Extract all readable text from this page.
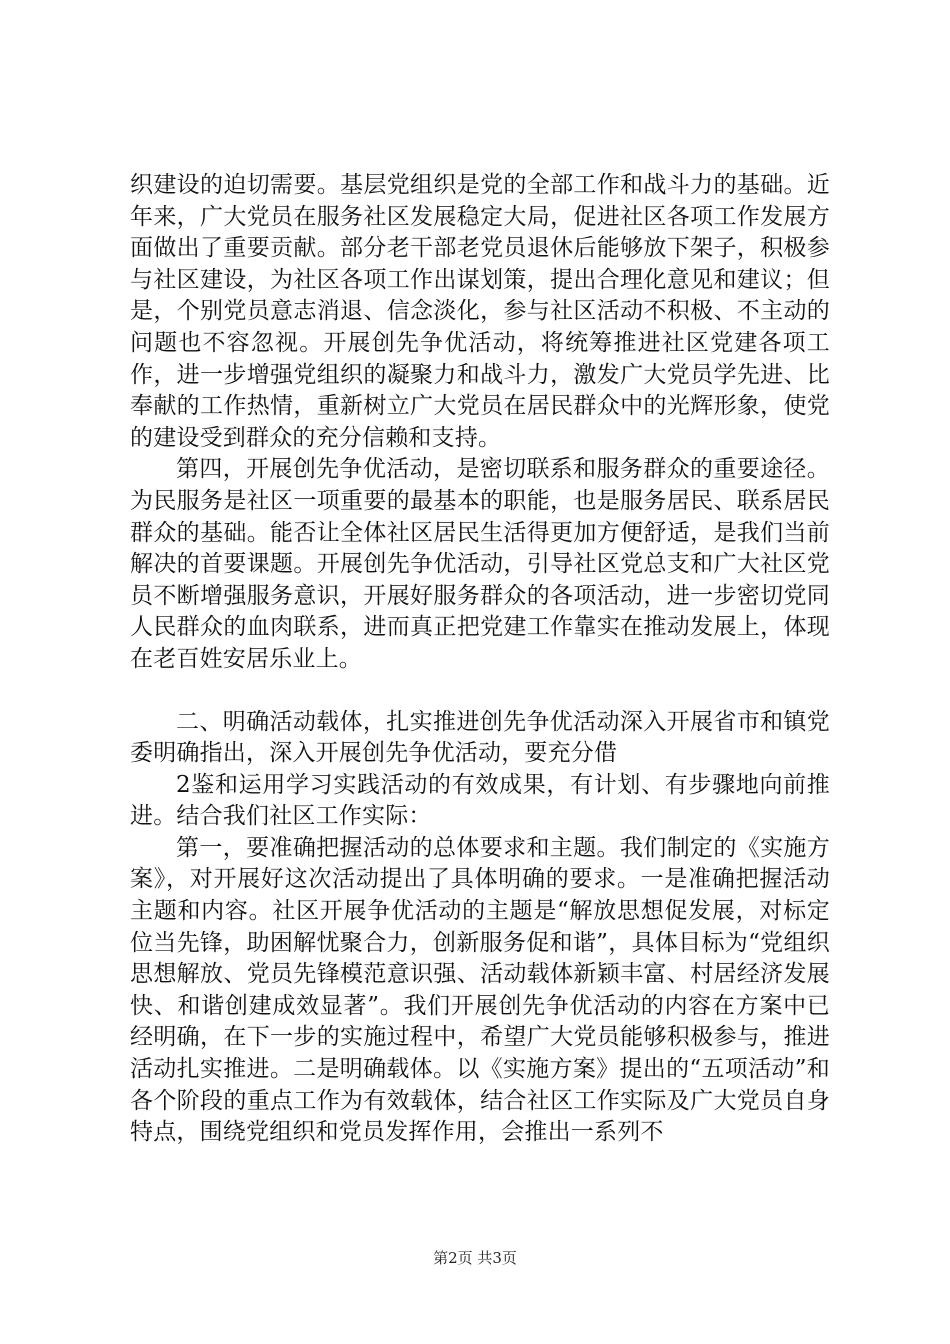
织建设的迫切需要。基层党组织是党的全部工作和战斗力的基础。近年来，广大党员在服务社区发展稳定大局，促进社区各项工作发展方面做出了重要贡献。部分老干部老党员退休后能够放下架子，积极参与社区建设，为社区各项工作出谋划策，提出合理化意见和建议；但是，个别党员意志消退、信念淡化，参与社区活动不积极、不主动的问题也不容忽视。开展创先争优活动，将统筹推进社区党建各项工作，进一步增强党组织的凝聚力和战斗力，激发广大党员学先进、比奉献的工作热情，重新树立广大党员在居民群众中的光辉形象，使党的建设受到群众的充分信赖和支持。

第四，开展创先争优活动，是密切联系和服务群众的重要途径。为民服务是社区一项重要的最基本的职能，也是服务居民、联系居民群众的基础。能否让全体社区居民生活得更加方便舒适，是我们当前解决的首要课题。开展创先争优活动，引导社区党总支和广大社区党员不断增强服务意识，开展好服务群众的各项活动，进一步密切党同人民群众的血肉联系，进而真正把党建工作靠实在推动发展上，体现在老百姓安居乐业上。

二、明确活动载体，扎实推进创先争优活动深入开展省市和镇党委明确指出，深入开展创先争优活动，要充分借

2鉴和运用学习实践活动的有效成果，有计划、有步骤地向前推进。结合我们社区工作实际：

第一，要准确把握活动的总体要求和主题。我们制定的《实施方案》，对开展好这次活动提出了具体明确的要求。一是准确把握活动主题和内容。社区开展争优活动的主题是“解放思想促发展，对标定位当先锋，助困解忧聚合力，创新服务促和谐”，具体目标为“党组织思想解放、党员先锋模范意识强、活动载体新颖丰富、村居经济发展快、和谐创建成效显著”。我们开展创先争优活动的内容在方案中已经明确，在下一步的实施过程中，希望广大党员能够积极参与，推进活动扎实推进。二是明确载体。以《实施方案》提出的“五项活动”和各个阶段的重点工作为有效载体，结合社区工作实际及广大党员自身特点，围绕党组织和党员发挥作用，会推出一系列不

第2页 共3页
